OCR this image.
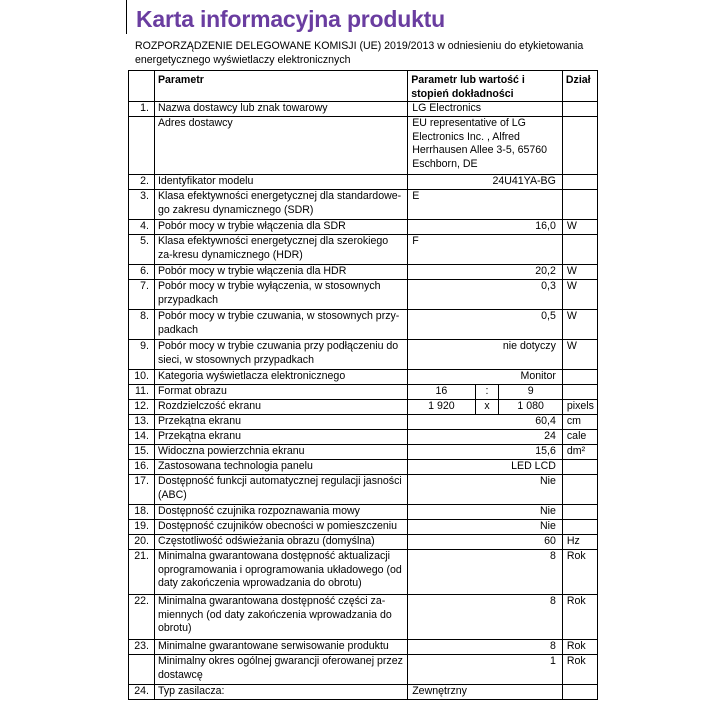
Karta informacyjna produktu
ROZPORZĄDZENIE DELEGOWANE KOMISJI (UE) 2019/2013 w odniesieniu do etykietowania energetycznego wyświetlaczy elektronicznych
	Parametr	Parametr lub wartość i stopień dokładności			Dział
1.	Nazwa dostawcy lub znak towarowy	LG Electronics			
	Adres dostawcy	EU representative of LG Electronics Inc. , Alfred Herrhausen Allee 3-5, 65760 Eschborn, DE			
2.	Identyfikator modelu	24U41YA-BG			
3.	Klasa efektywności energetycznej dla standardowe-go zakresu dynamicznego (SDR)	E			
4.	Pobór mocy w trybie włączenia dla SDR	16,0			W
5.	Klasa efektywności energetycznej dla szerokiego za-kresu dynamicznego (HDR)	F			
6.	Pobór mocy w trybie włączenia dla HDR	20,2			W
7.	Pobór mocy w trybie wyłączenia, w stosownych przypadkach	0,3			W
8.	Pobór mocy w trybie czuwania, w stosownych przy-padkach	0,5			W
9.	Pobór mocy w trybie czuwania przy podłączeniu do sieci, w stosownych przypadkach	nie dotyczy			W
10.	Kategoria wyświetlacza elektronicznego	Monitor			
11.	Format obrazu	16	:	9	
12.	Rozdzielczość ekranu	1 920	x	1 080	pixels
13.	Przekątna ekranu	60,4			cm
14.	Przekątna ekranu	24			cale
15.	Widoczna powierzchnia ekranu	15,6			dm²
16.	Zastosowana technologia panelu	LED LCD			
17.	Dostępność funkcji automatycznej regulacji jasności (ABC)	Nie			
18.	Dostępność czujnika rozpoznawania mowy	Nie			
19.	Dostępność czujników obecności w pomieszczeniu	Nie			
20.	Częstotliwość odświeżania obrazu (domyślna)	60			Hz
21.	Minimalna gwarantowana dostępność aktualizacji oprogramowania i oprogramowania układowego (od daty zakończenia wprowadzania do obrotu)	8			Rok
22.	Minimalna gwarantowana dostępność części za-miennych (od daty zakończenia wprowadzania do obrotu)	8			Rok
23.	Minimalne gwarantowane serwisowanie produktu	8			Rok
	Minimalny okres ogólnej gwarancji oferowanej przez dostawcę	1			Rok
24.	Typ zasilacza:	Zewnętrzny			
